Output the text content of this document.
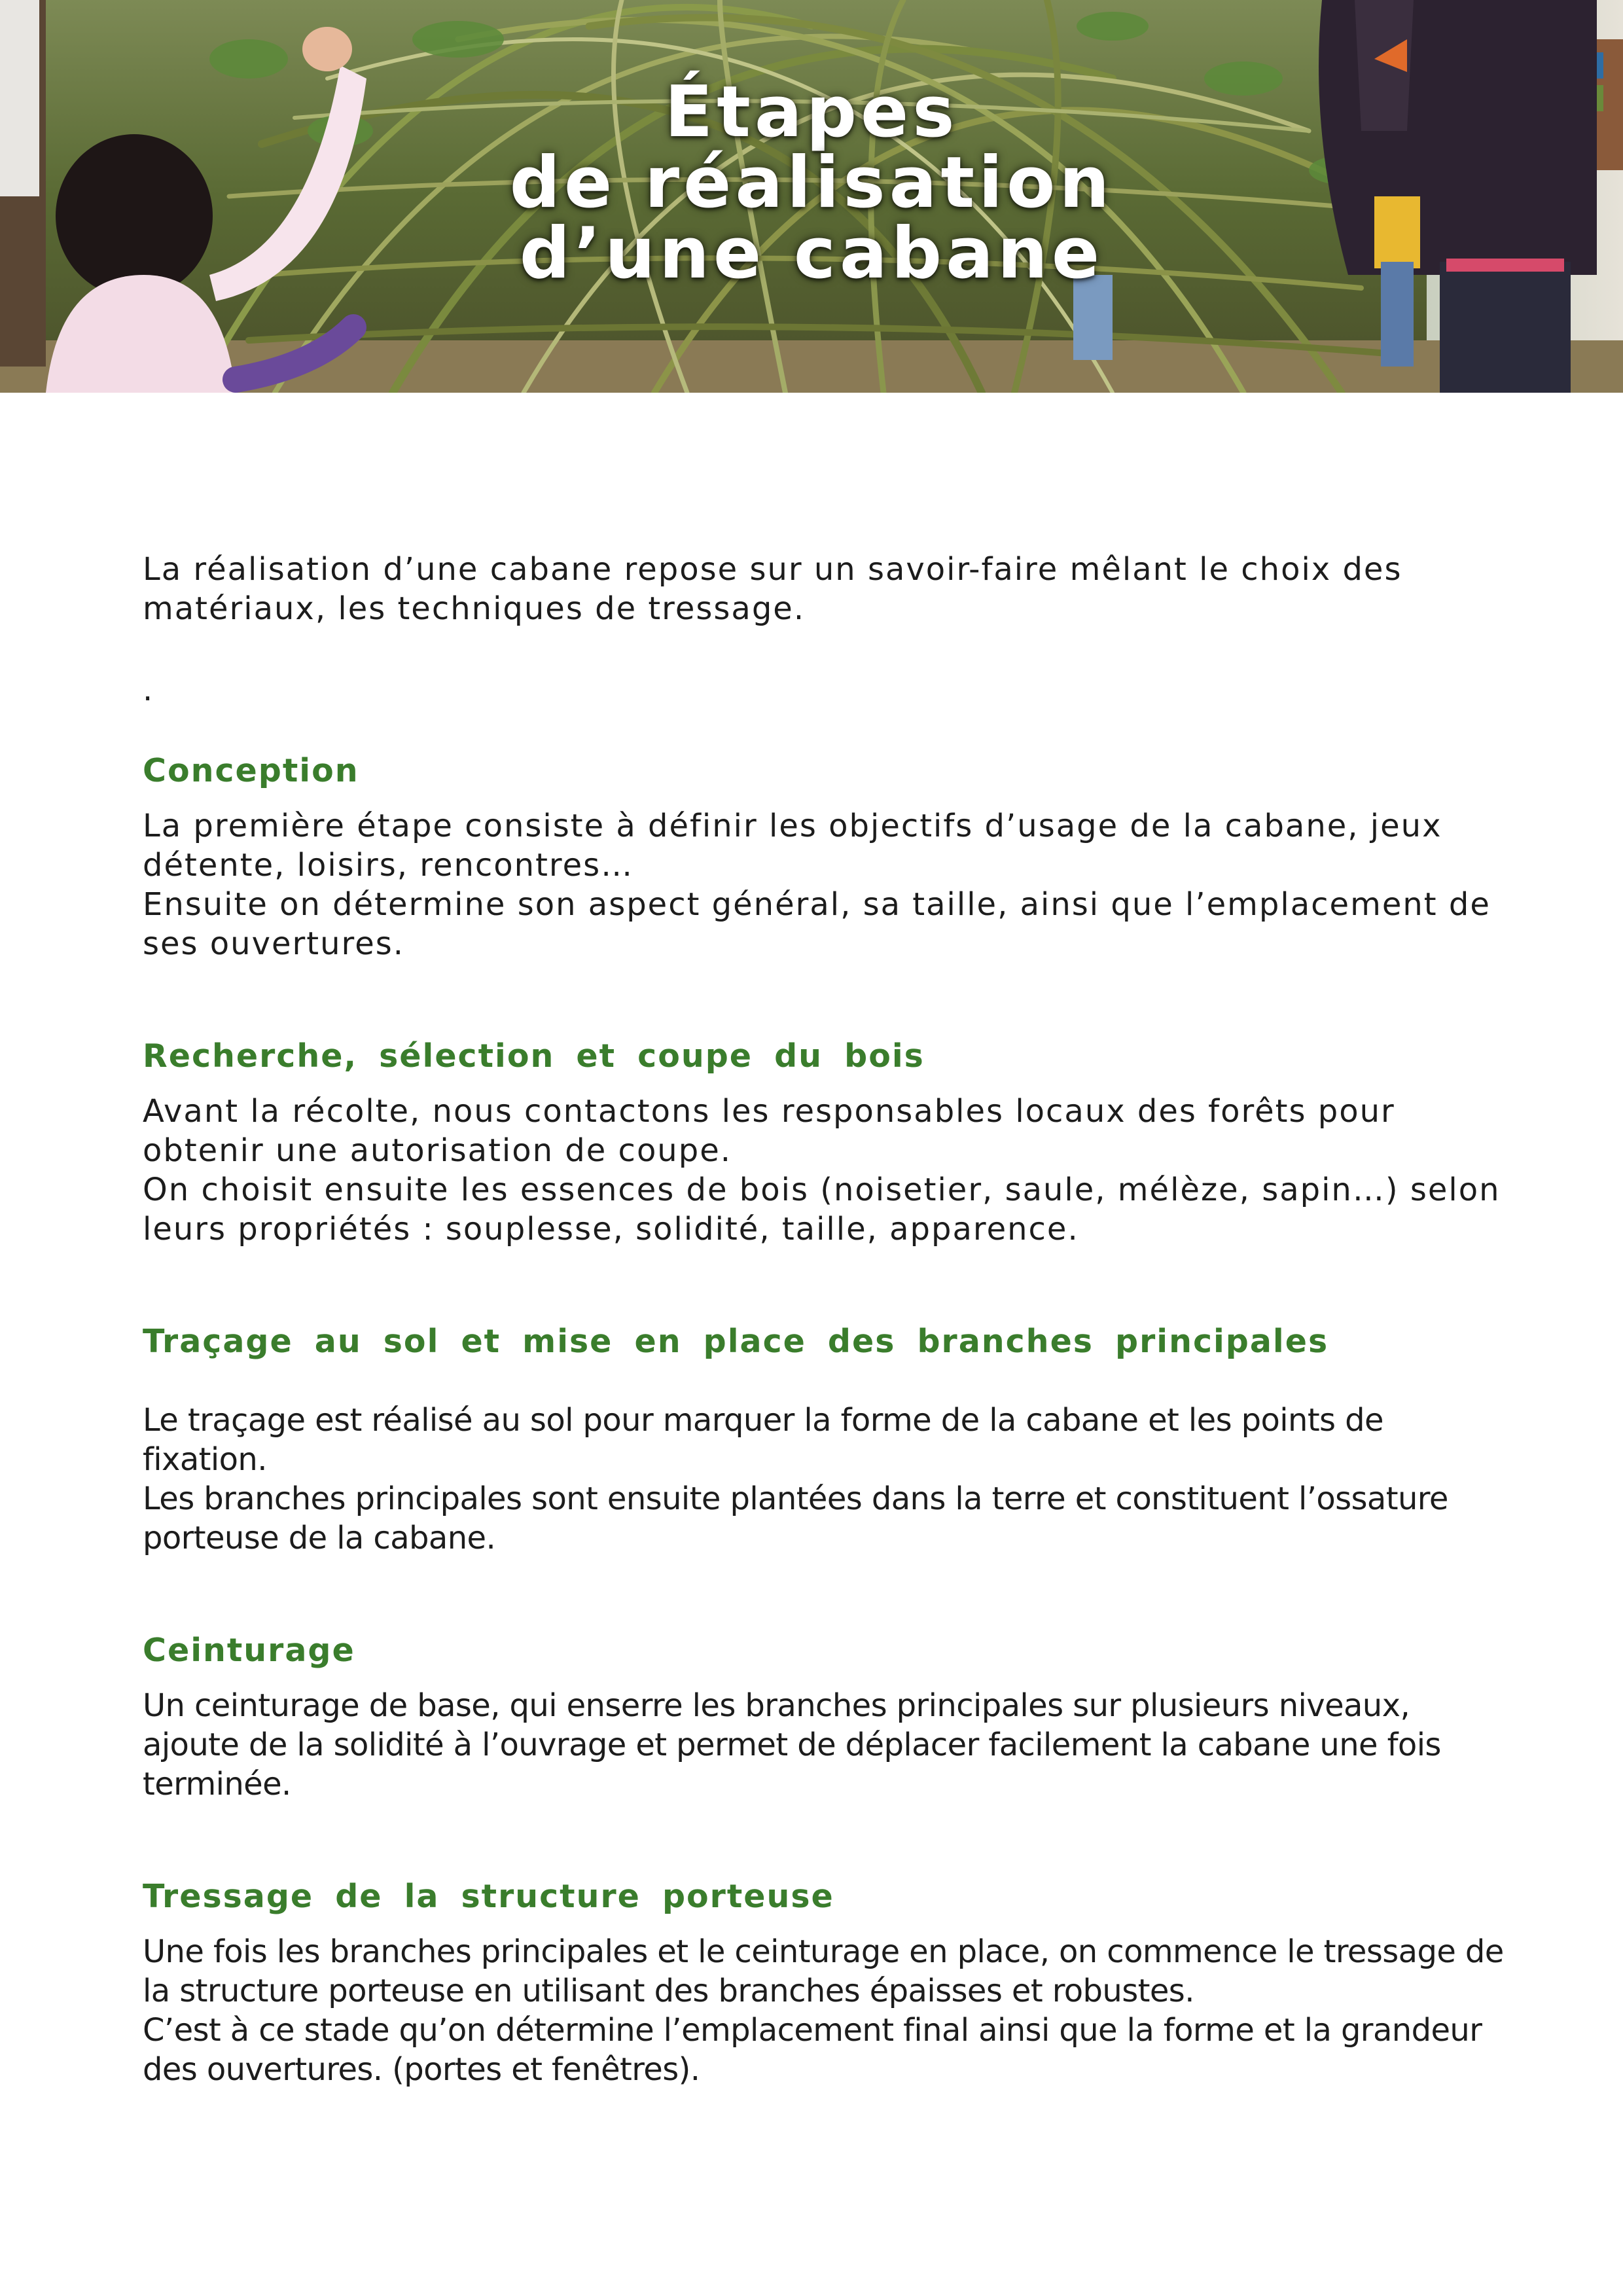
Étapes
de réalisation
d’une cabane

La réalisation d’une cabane repose sur un savoir-faire mêlant le choix des matériaux, les techniques de tressage.

.

Conception

La première étape consiste à définir les objectifs d’usage de la cabane, jeux détente, loisirs, rencontres…
Ensuite on détermine son aspect général, sa taille, ainsi que l’emplacement de ses ouvertures.

Recherche, sélection et coupe du bois

Avant la récolte, nous contactons les responsables locaux des forêts pour obtenir une autorisation de coupe.
On choisit ensuite les essences de bois (noisetier, saule, mélèze, sapin…) selon leurs propriétés : souplesse, solidité, taille, apparence.

Traçage au sol et mise en place des branches principales

Le traçage est réalisé au sol pour marquer la forme de la cabane et les points de fixation.
Les branches principales sont ensuite plantées dans la terre et constituent l’ossature porteuse de la cabane.

Ceinturage

Un ceinturage de base, qui enserre les branches principales sur plusieurs niveaux, ajoute de la solidité à l’ouvrage et permet de déplacer facilement la cabane une fois terminée.

Tressage de la structure porteuse

Une fois les branches principales et le ceinturage en place, on commence le tressage de la structure porteuse en utilisant des branches épaisses et robustes.
C’est à ce stade qu’on détermine l’emplacement final ainsi que la forme et la grandeur des ouvertures. (portes et fenêtres).
